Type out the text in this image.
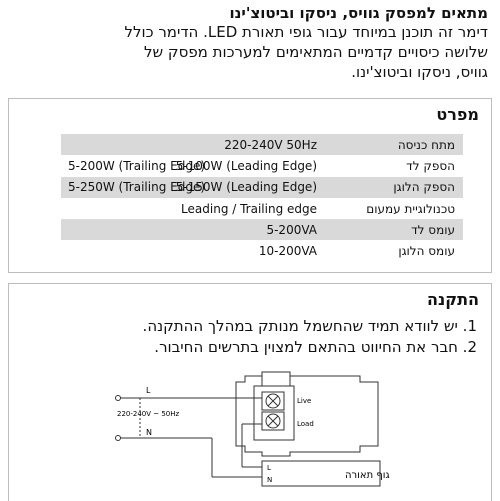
מתאים למפסק גוויס, ניסקו וביטוצ'ינו
דימר זה תוכנן במיוחד עבור גופי תאורת LED. הדימר כולל
שלושה כיסויים קדמיים המתאימים למערכות מפסק של
גוויס, ניסקו וביטוצ'ינו.
מפרט
מתח כניסה
220-240V 50Hz
הספק לד
5-100W (Leading Edge)
5-200W (Trailing Edge)
הספק הלוגן
5-150W (Leading Edge)
5-250W (Trailing Edge)
טכנולוגיית עמעום
Leading / Trailing edge
עומס לד
5-200VA
עומס הלוגן
10-200VA
התקנה
1. יש לוודא תמיד שהחשמל מנותק במהלך ההתקנה.
2. חבר את החיווט בהתאם למצוין בתרשים החיבור.
L
N
220-240V ~ 50Hz
Live
Load
L
N	גוף תאורה
